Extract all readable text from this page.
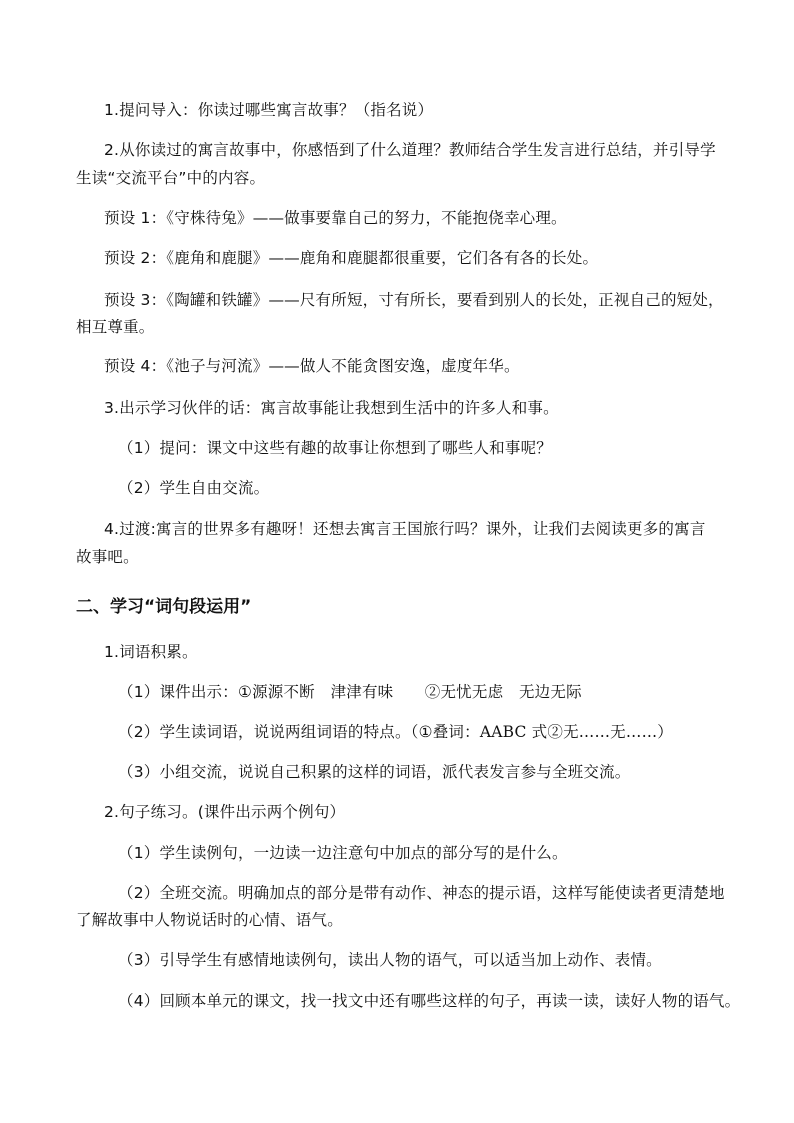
1.提问导入：你读过哪些寓言故事？（指名说）
2.从你读过的寓言故事中，你感悟到了什么道理？教师结合学生发言进行总结，并引导学
生读“交流平台”中的内容。
预设 1：《守株待兔》——做事要靠自己的努力，不能抱侥幸心理。
预设 2：《鹿角和鹿腿》——鹿角和鹿腿都很重要，它们各有各的长处。
预设 3：《陶罐和铁罐》——尺有所短，寸有所长，要看到别人的长处，正视自己的短处，
相互尊重。
预设 4：《池子与河流》——做人不能贪图安逸，虚度年华。
3.出示学习伙伴的话：寓言故事能让我想到生活中的许多人和事。
（1）提问：课文中这些有趣的故事让你想到了哪些人和事呢？
（2）学生自由交流。
4.过渡:寓言的世界多有趣呀！还想去寓言王国旅行吗？课外，让我们去阅读更多的寓言
故事吧。
二、学习“词句段运用”
1.词语积累。
（1）课件出示：①源源不断　津津有味　　②无忧无虑　无边无际
（2）学生读词语，说说两组词语的特点。（①叠词：AABC 式②无……无……）
（3）小组交流，说说自己积累的这样的词语，派代表发言参与全班交流。
2.句子练习。(课件出示两个例句）
（1）学生读例句，一边读一边注意句中加点的部分写的是什么。
（2）全班交流。明确加点的部分是带有动作、神态的提示语，这样写能使读者更清楚地
了解故事中人物说话时的心情、语气。
（3）引导学生有感情地读例句，读出人物的语气，可以适当加上动作、表情。
（4）回顾本单元的课文，找一找文中还有哪些这样的句子，再读一读，读好人物的语气。
